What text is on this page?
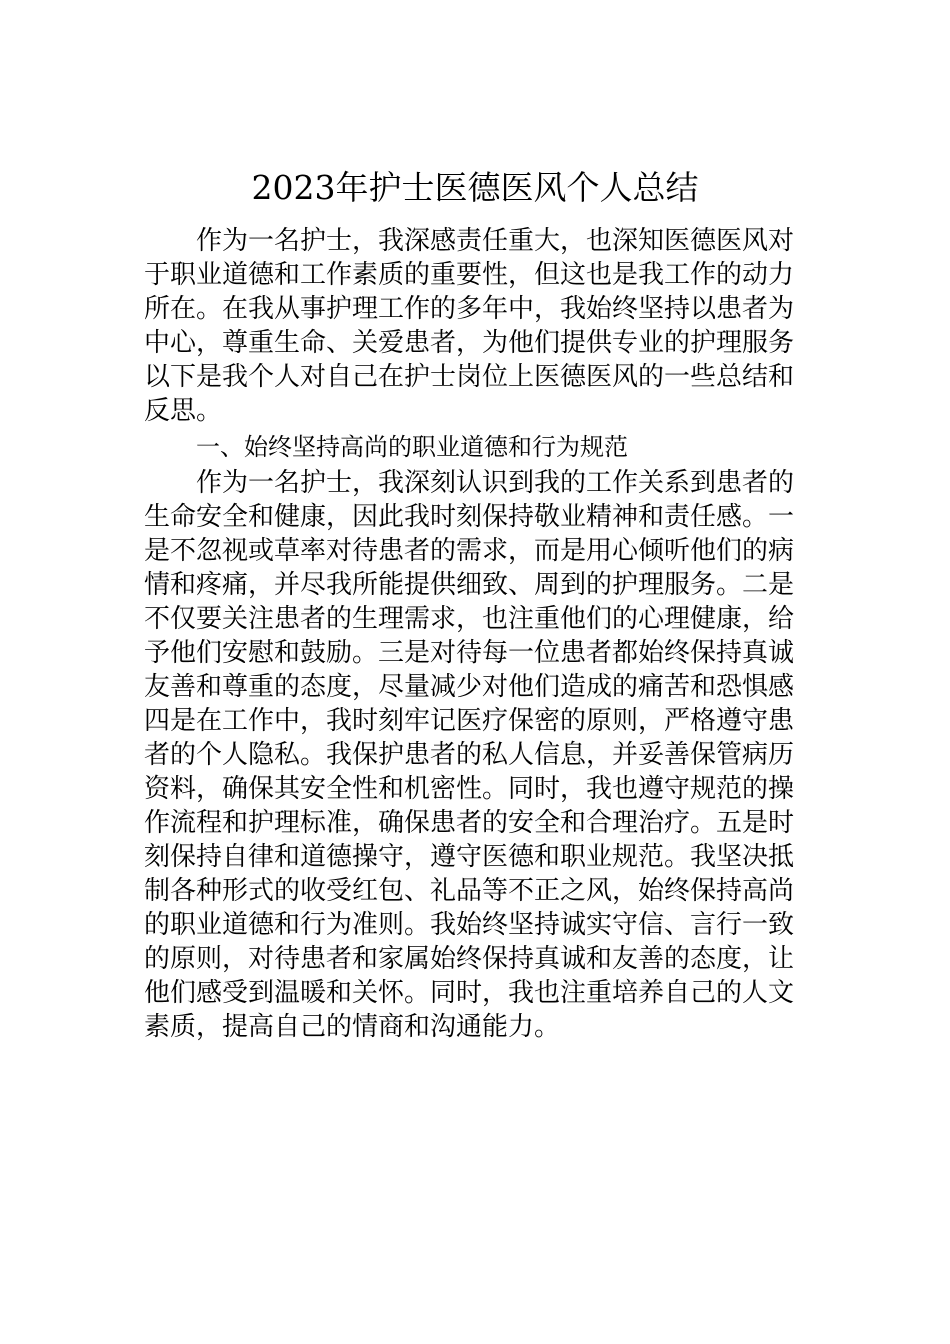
2023年护士医德医风个人总结
作为一名护士，我深感责任重大，也深知医德医风对
于职业道德和工作素质的重要性，但这也是我工作的动力
所在。在我从事护理工作的多年中，我始终坚持以患者为
中心，尊重生命、关爱患者，为他们提供专业的护理服务
以下是我个人对自己在护士岗位上医德医风的一些总结和
反思。
一、始终坚持高尚的职业道德和行为规范
作为一名护士，我深刻认识到我的工作关系到患者的
生命安全和健康，因此我时刻保持敬业精神和责任感。一
是不忽视或草率对待患者的需求，而是用心倾听他们的病
情和疼痛，并尽我所能提供细致、周到的护理服务。二是
不仅要关注患者的生理需求，也注重他们的心理健康，给
予他们安慰和鼓励。三是对待每一位患者都始终保持真诚
友善和尊重的态度，尽量减少对他们造成的痛苦和恐惧感
四是在工作中，我时刻牢记医疗保密的原则，严格遵守患
者的个人隐私。我保护患者的私人信息，并妥善保管病历
资料，确保其安全性和机密性。同时，我也遵守规范的操
作流程和护理标准，确保患者的安全和合理治疗。五是时
刻保持自律和道德操守，遵守医德和职业规范。我坚决抵
制各种形式的收受红包、礼品等不正之风，始终保持高尚
的职业道德和行为准则。我始终坚持诚实守信、言行一致
的原则，对待患者和家属始终保持真诚和友善的态度，让
他们感受到温暖和关怀。同时，我也注重培养自己的人文
素质，提高自己的情商和沟通能力。
